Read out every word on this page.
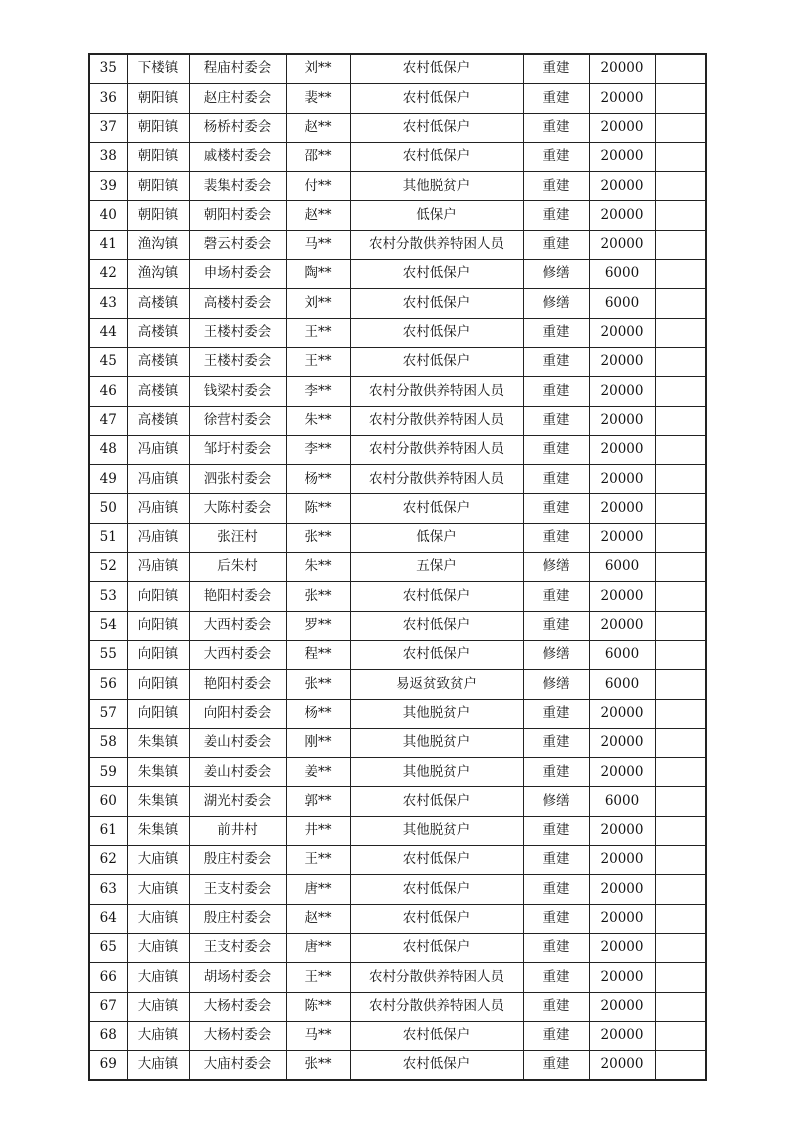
35	下楼镇	程庙村委会	刘**	农村低保户	重建	20000	
36	朝阳镇	赵庄村委会	裴**	农村低保户	重建	20000	
37	朝阳镇	杨桥村委会	赵**	农村低保户	重建	20000	
38	朝阳镇	戚楼村委会	邵**	农村低保户	重建	20000	
39	朝阳镇	裴集村委会	付**	其他脱贫户	重建	20000	
40	朝阳镇	朝阳村委会	赵**	低保户	重建	20000	
41	渔沟镇	磬云村委会	马**	农村分散供养特困人员	重建	20000	
42	渔沟镇	申场村委会	陶**	农村低保户	修缮	6000	
43	高楼镇	高楼村委会	刘**	农村低保户	修缮	6000	
44	高楼镇	王楼村委会	王**	农村低保户	重建	20000	
45	高楼镇	王楼村委会	王**	农村低保户	重建	20000	
46	高楼镇	钱梁村委会	李**	农村分散供养特困人员	重建	20000	
47	高楼镇	徐营村委会	朱**	农村分散供养特困人员	重建	20000	
48	冯庙镇	邹圩村委会	李**	农村分散供养特困人员	重建	20000	
49	冯庙镇	泗张村委会	杨**	农村分散供养特困人员	重建	20000	
50	冯庙镇	大陈村委会	陈**	农村低保户	重建	20000	
51	冯庙镇	张汪村	张**	低保户	重建	20000	
52	冯庙镇	后朱村	朱**	五保户	修缮	6000	
53	向阳镇	艳阳村委会	张**	农村低保户	重建	20000	
54	向阳镇	大西村委会	罗**	农村低保户	重建	20000	
55	向阳镇	大西村委会	程**	农村低保户	修缮	6000	
56	向阳镇	艳阳村委会	张**	易返贫致贫户	修缮	6000	
57	向阳镇	向阳村委会	杨**	其他脱贫户	重建	20000	
58	朱集镇	姜山村委会	刚**	其他脱贫户	重建	20000	
59	朱集镇	姜山村委会	姜**	其他脱贫户	重建	20000	
60	朱集镇	湖光村委会	郭**	农村低保户	修缮	6000	
61	朱集镇	前井村	井**	其他脱贫户	重建	20000	
62	大庙镇	殷庄村委会	王**	农村低保户	重建	20000	
63	大庙镇	王支村委会	唐**	农村低保户	重建	20000	
64	大庙镇	殷庄村委会	赵**	农村低保户	重建	20000	
65	大庙镇	王支村委会	唐**	农村低保户	重建	20000	
66	大庙镇	胡场村委会	王**	农村分散供养特困人员	重建	20000	
67	大庙镇	大杨村委会	陈**	农村分散供养特困人员	重建	20000	
68	大庙镇	大杨村委会	马**	农村低保户	重建	20000	
69	大庙镇	大庙村委会	张**	农村低保户	重建	20000	
